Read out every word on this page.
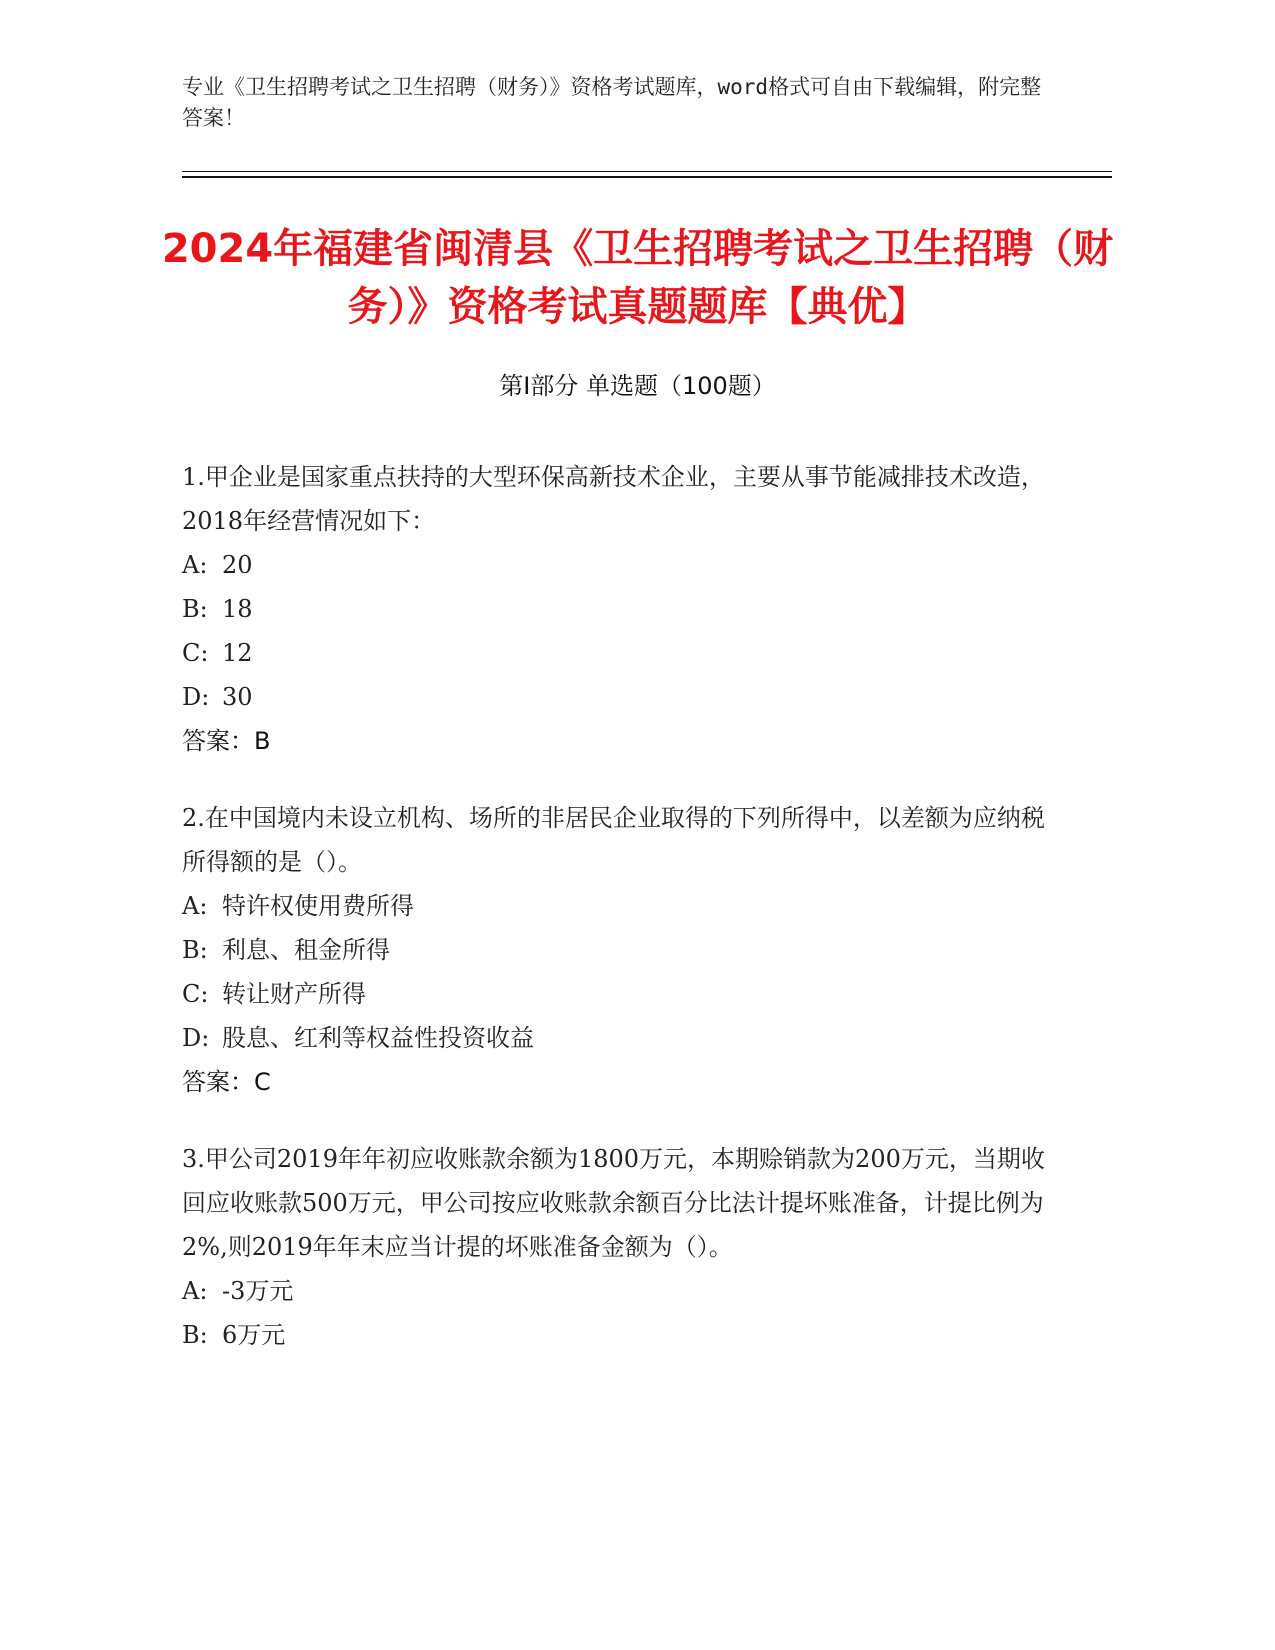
专业《卫生招聘考试之卫生招聘（财务）》资格考试题库，word格式可自由下载编辑，附完整答案！
2024年福建省闽清县《卫生招聘考试之卫生招聘（财务）》资格考试真题题库【典优】
第Ⅰ部分 单选题（100题）

1.甲企业是国家重点扶持的大型环保高新技术企业，主要从事节能减排技术改造，2018年经营情况如下：

A: 20

B: 18

C: 12

D: 30

答案：B

2.在中国境内未设立机构、场所的非居民企业取得的下列所得中，以差额为应纳税所得额的是（）。

A: 特许权使用费所得

B: 利息、租金所得

C: 转让财产所得

D: 股息、红利等权益性投资收益

答案：C

3.甲公司2019年年初应收账款余额为1800万元，本期赊销款为200万元，当期收回应收账款500万元，甲公司按应收账款余额百分比法计提坏账准备，计提比例为2%,则2019年年末应当计提的坏账准备金额为（）。

A: -3万元

B: 6万元
